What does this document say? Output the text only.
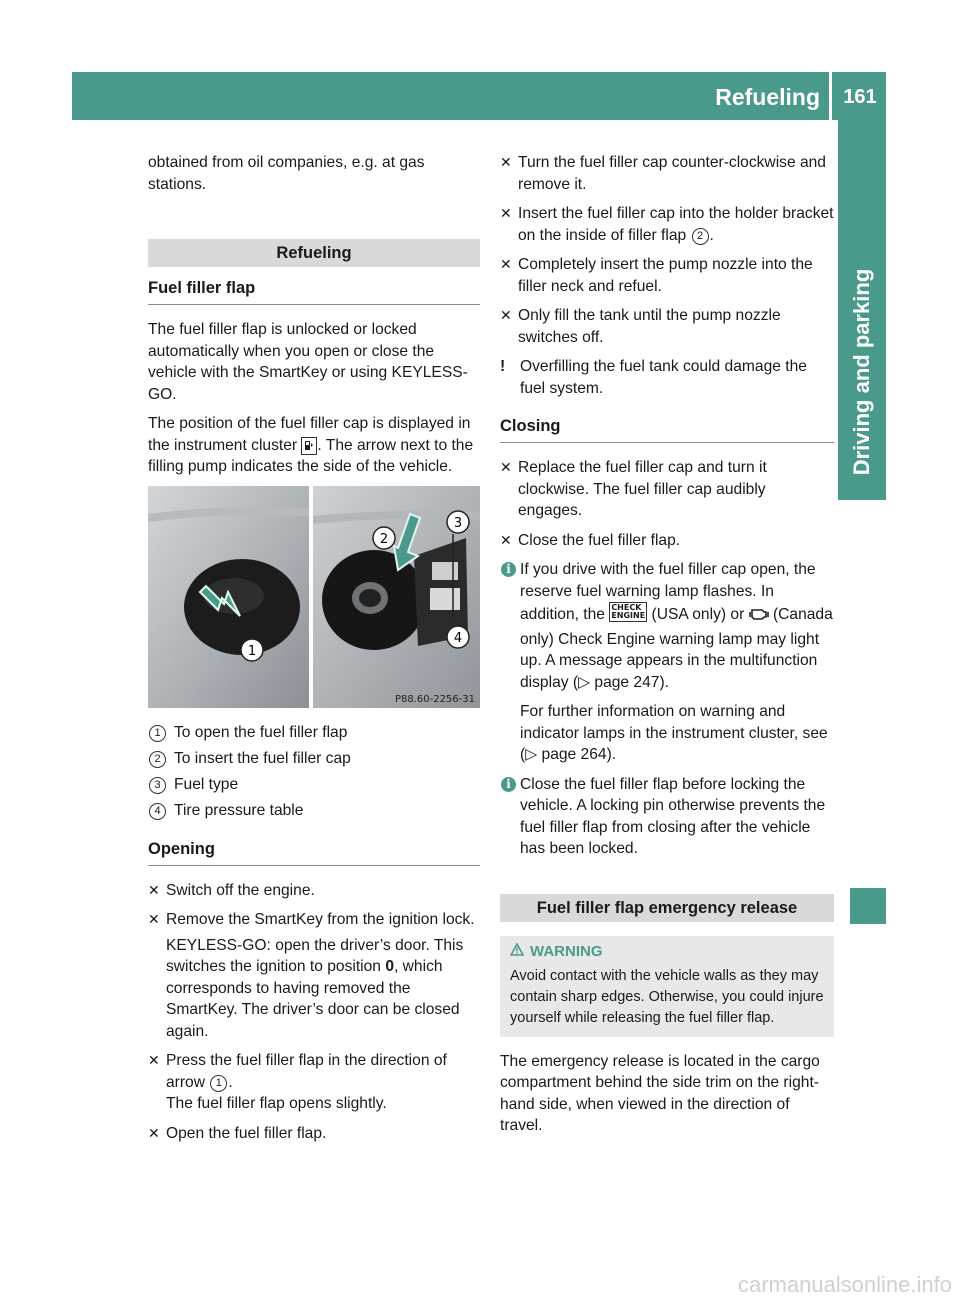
Refueling	161
Driving and parking

obtained from oil companies, e.g. at gas stations.

Refueling
Fuel filler flap

The fuel filler flap is unlocked or locked automatically when you open or close the vehicle with the SmartKey or using KEYLESS-GO.

The position of the fuel filler cap is displayed in the instrument cluster . The arrow next to the filling pump indicates the side of the vehicle.

1
2
3
4
P88.60-2256-31
1 To open the fuel filler flap
2 To insert the fuel filler cap
3 Fuel type
4 Tire pressure table
Opening
✕ Switch off the engine.
✕ Remove the SmartKey from the ignition lock.
KEYLESS-GO: open the driver’s door. This switches the ignition to position 0, which corresponds to having removed the SmartKey. The driver’s door can be closed again.
✕ Press the fuel filler flap in the direction of arrow 1 .
The fuel filler flap opens slightly.
✕ Open the fuel filler flap.
✕ Turn the fuel filler cap counter-clockwise and remove it.
✕ Insert the fuel filler cap into the holder bracket on the inside of filler flap 2 .
✕ Completely insert the pump nozzle into the filler neck and refuel.
✕ Only fill the tank until the pump nozzle switches off.
! Overfilling the fuel tank could damage the fuel system.
Closing
✕ Replace the fuel filler cap and turn it clockwise. The fuel filler cap audibly engages.
✕ Close the fuel filler flap.
i If you drive with the fuel filler cap open, the reserve fuel warning lamp flashes. In addition, the CHECK
ENGINE (USA only) or (Canada only) Check Engine warning lamp may light up. A message appears in the multifunction display (▷ page 247).
For further information on warning and indicator lamps in the instrument cluster, see (▷ page 264).
i Close the fuel filler flap before locking the vehicle. A locking pin otherwise prevents the fuel filler flap from closing after the vehicle has been locked.
Fuel filler flap emergency release
WARNING

Avoid contact with the vehicle walls as they may contain sharp edges. Otherwise, you could injure yourself while releasing the fuel filler flap.

The emergency release is located in the cargo compartment behind the side trim on the right-hand side, when viewed in the direction of travel.

carmanualsonline.info
